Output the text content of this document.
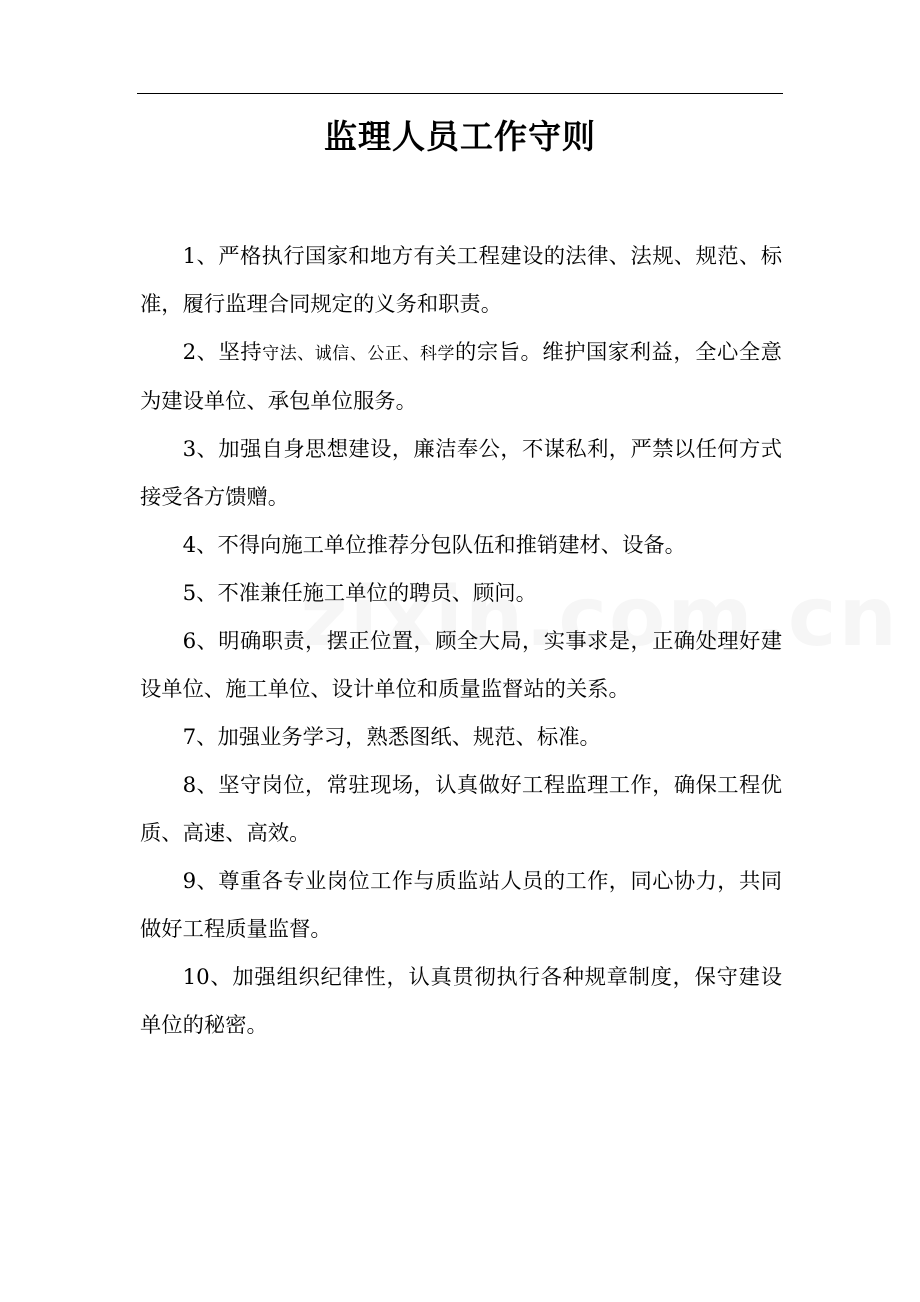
监理人员工作守则

1、严格执行国家和地方有关工程建设的法律、法规、规范、标准，履行监理合同规定的义务和职责。

2、坚持守法、诚信、公正、科学的宗旨。维护国家利益，全心全意为建设单位、承包单位服务。

3、加强自身思想建设，廉洁奉公，不谋私利，严禁以任何方式接受各方馈赠。

4、不得向施工单位推荐分包队伍和推销建材、设备。

5、不准兼任施工单位的聘员、顾问。

6、明确职责，摆正位置，顾全大局，实事求是，正确处理好建设单位、施工单位、设计单位和质量监督站的关系。

7、加强业务学习，熟悉图纸、规范、标准。

8、坚守岗位，常驻现场，认真做好工程监理工作，确保工程优质、高速、高效。

9、尊重各专业岗位工作与质监站人员的工作，同心协力，共同做好工程质量监督。

10、加强组织纪律性，认真贯彻执行各种规章制度，保守建设单位的秘密。
